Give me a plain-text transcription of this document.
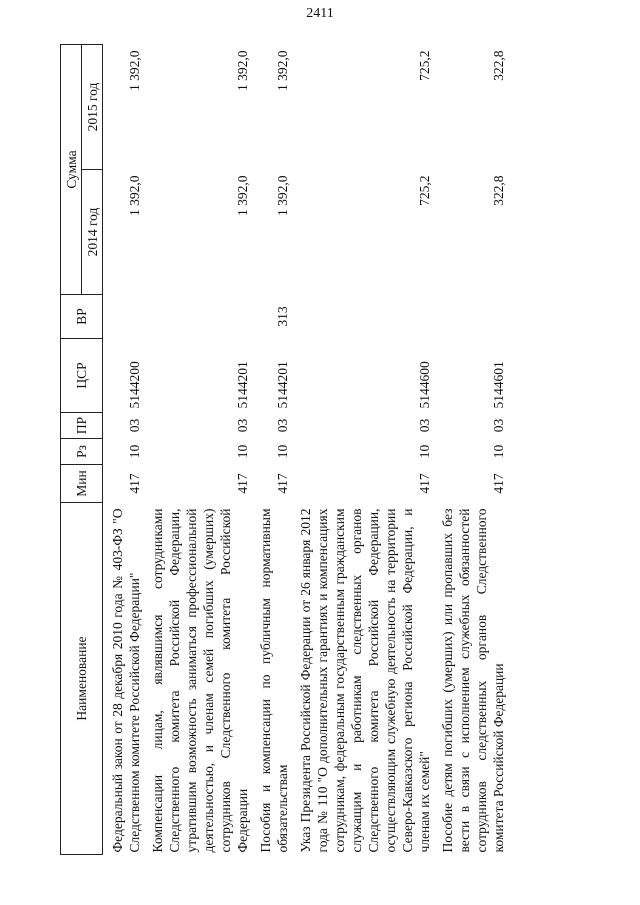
2411
Наименование	Мин	Рз	ПР	ЦСР	ВР	Сумма	
						2014 год	2015 год
Федеральный закон от 28 декабря 2010 года № 403-ФЗ "О Следственном комитете Российской Федерации"	417	10	03	5144200		1 392,0	1 392,0
Компенсации лицам, являвшимся сотрудниками Следственного комитета Российской Федерации, утратившим возможность заниматься профессиональной деятельностью, и членам семей погибших (умерших) сотрудников Следственного комитета Российской Федерации	417	10	03	5144201		1 392,0	1 392,0
Пособия и компенсации по публичным нормативным обязательствам	417	10	03	5144201	313	1 392,0	1 392,0
Указ Президента Российской Федерации от 26 января 2012 года № 110 "О дополнительных гарантиях и компенсациях сотрудникам, федеральным государственным гражданским служащим и работникам следственных органов Следственного комитета Российской Федерации, осуществляющим служебную деятельность на территории Северо-Кавказского региона Российской Федерации, и членам их семей"	417	10	03	5144600		725,2	725,2
Пособие детям погибших (умерших) или пропавших без вести в связи с исполнением служебных обязанностей сотрудников следственных органов Следственного комитета Российской Федерации	417	10	03	5144601		322,8	322,8
